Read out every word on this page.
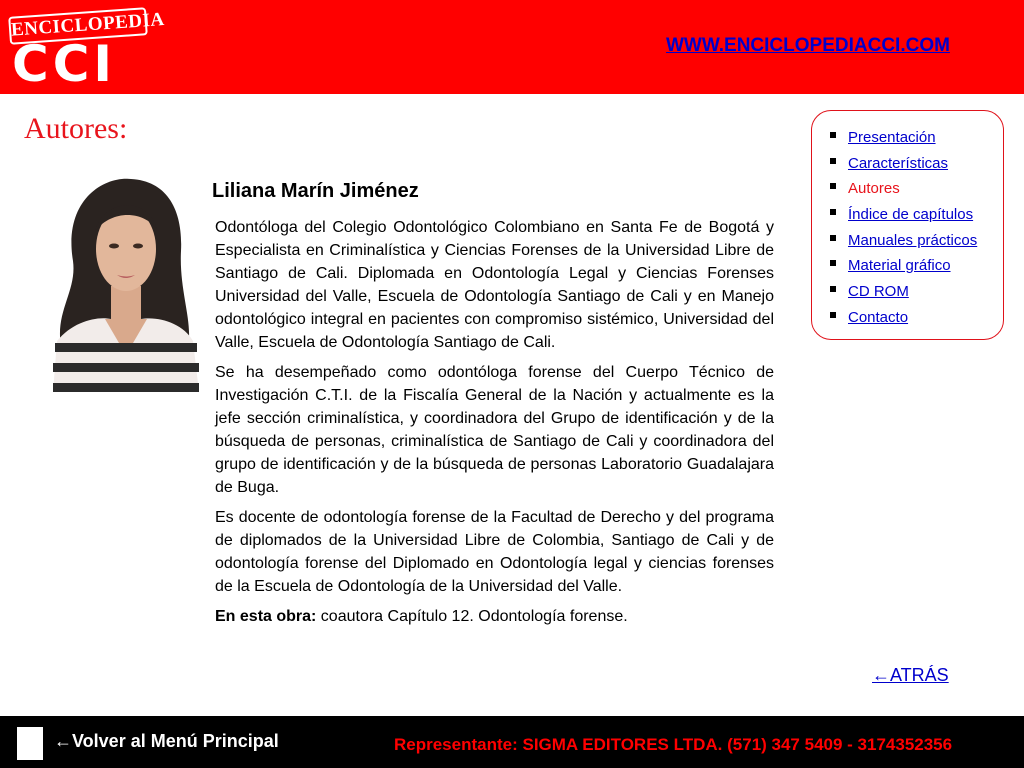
ENCICLOPEDIA
CCI	WWW.ENCICLOPEDIACCI.COM
Autores:
Liliana Marín Jiménez

Odontóloga del Colegio Odontológico Colombiano en Santa Fe de Bogotá y Especialista en Criminalística y Ciencias Forenses de la Universidad Libre de Santiago de Cali. Diplomada en Odontología Legal y Ciencias Forenses Universidad del Valle, Escuela de Odontología Santiago de Cali y en Manejo odontológico integral en pacientes con compromiso sistémico, Universidad del Valle, Escuela de Odontología Santiago de Cali.

Se ha desempeñado como odontóloga forense del Cuerpo Técnico de Investigación C.T.I. de la Fiscalía General de la Nación y actualmente es la jefe sección criminalística, y coordinadora del Grupo de identificación y de la búsqueda de personas, criminalística de Santiago de Cali y coordinadora del grupo de identificación y de la búsqueda de personas Laboratorio Guadalajara de Buga.

Es docente de odontología forense de la Facultad de Derecho y del programa de diplomados de la Universidad Libre de Colombia, Santiago de Cali y de odontología forense del Diplomado en Odontología legal y ciencias forenses de la Escuela de Odontología de la Universidad del Valle.

En esta obra: coautora Capítulo 12. Odontología forense.

Presentación
Características
Autores
Índice de capítulos
Manuales prácticos
Material gráfico
CD ROM
Contacto
←ATRÁS
←Volver al Menú Principal	Representante: SIGMA EDITORES LTDA. (571) 347 5409 - 3174352356
